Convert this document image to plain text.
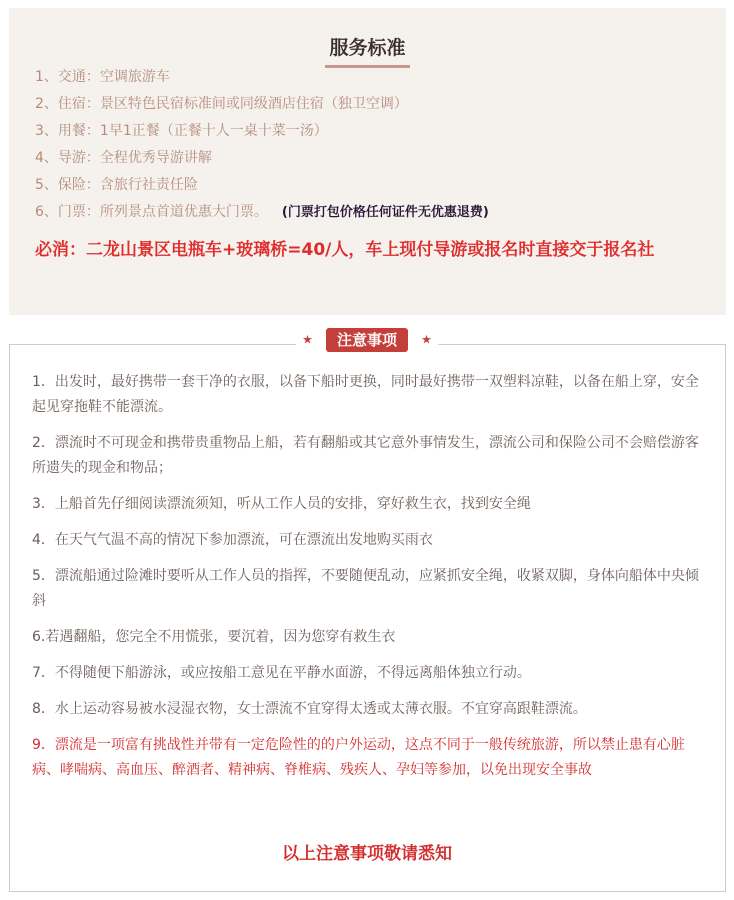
服务标准
1、交通：空调旅游车
2、住宿：景区特色民宿标准间或同级酒店住宿（独卫空调）
3、用餐：1早1正餐（正餐十人一桌十菜一汤）
4、导游：全程优秀导游讲解
5、保险：含旅行社责任险
6、门票：所列景点首道优惠大门票。 (门票打包价格任何证件无优惠退费)
必消：二龙山景区电瓶车+玻璃桥=40/人，车上现付导游或报名时直接交于报名社
★ 注意事项 ★
1．出发时，最好携带一套干净的衣服，以备下船时更换，同时最好携带一双塑料凉鞋，以备在船上穿，安全起见穿拖鞋不能漂流。
2．漂流时不可现金和携带贵重物品上船，若有翻船或其它意外事情发生，漂流公司和保险公司不会赔偿游客所遗失的现金和物品；
3．上船首先仔细阅读漂流须知，听从工作人员的安排，穿好救生衣，找到安全绳
4．在天气气温不高的情况下参加漂流，可在漂流出发地购买雨衣
5．漂流船通过险滩时要听从工作人员的指挥，不要随便乱动，应紧抓安全绳，收紧双脚，身体向船体中央倾斜
6.若遇翻船，您完全不用慌张，要沉着，因为您穿有救生衣
7．不得随便下船游泳，或应按船工意见在平静水面游，不得远离船体独立行动。
8．水上运动容易被水浸湿衣物，女士漂流不宜穿得太透或太薄衣服。不宜穿高跟鞋漂流。
9．漂流是一项富有挑战性并带有一定危险性的的户外运动，这点不同于一般传统旅游，所以禁止患有心脏病、哮喘病、高血压、醉酒者、精神病、脊椎病、残疾人、孕妇等参加，以免出现安全事故
以上注意事项敬请悉知
